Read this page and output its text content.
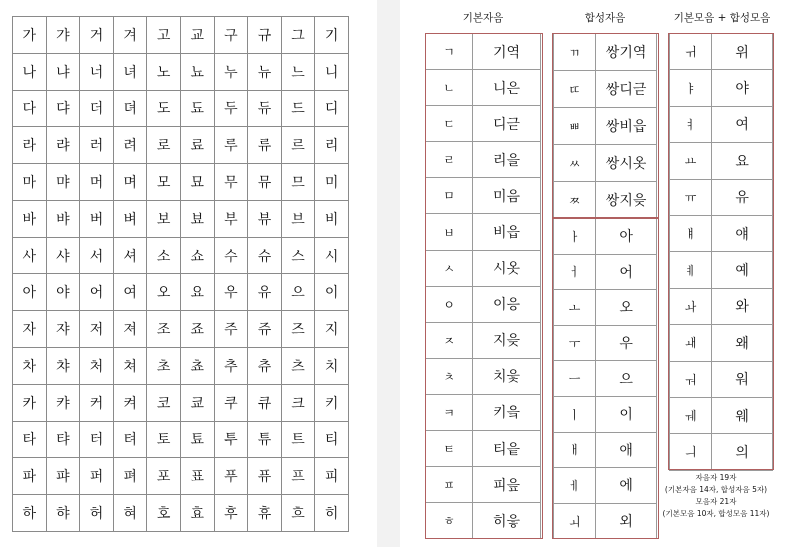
가	갸	거	겨	고	교	구	규	그	기
나	냐	너	녀	노	뇨	누	뉴	느	니
다	댜	더	뎌	도	됴	두	듀	드	디
라	랴	러	려	로	료	루	류	르	리
마	먀	머	며	모	묘	무	뮤	므	미
바	뱌	버	벼	보	뵤	부	뷰	브	비
사	샤	서	셔	소	쇼	수	슈	스	시
아	야	어	여	오	요	우	유	으	이
자	쟈	저	져	조	죠	주	쥬	즈	지
차	챠	처	쳐	초	쵸	추	츄	츠	치
카	캬	커	켜	코	쿄	쿠	큐	크	키
타	탸	터	텨	토	툐	투	튜	트	티
파	퍄	퍼	펴	포	표	푸	퓨	프	피
하	햐	허	혀	호	효	후	휴	흐	히
기본자음	합성자음	기본모음 + 합성모음
ㄱ	기역
ㄴ	니은
ㄷ	디귿
ㄹ	리을
ㅁ	미음
ㅂ	비읍
ㅅ	시옷
ㅇ	이응
ㅈ	지읒
ㅊ	치읓
ㅋ	키읔
ㅌ	티읕
ㅍ	피읖
ㅎ	히읗
ㄲ	쌍기역
ㄸ	쌍디귿
ㅃ	쌍비읍
ㅆ	쌍시옷
ㅉ	쌍지읒
ㅏ	아
ㅓ	어
ㅗ	오
ㅜ	우
ㅡ	으
ㅣ	이
ㅐ	애
ㅔ	에
ㅚ	외
ㅟ	위
ㅑ	야
ㅕ	여
ㅛ	요
ㅠ	유
ㅒ	얘
ㅖ	예
ㅘ	와
ㅙ	왜
ㅝ	워
ㅞ	웨
ㅢ	의
자음자 19자
(기본자음 14자, 합성자음 5자)
모음자 21자
(기본모음 10자, 합성모음 11자)
